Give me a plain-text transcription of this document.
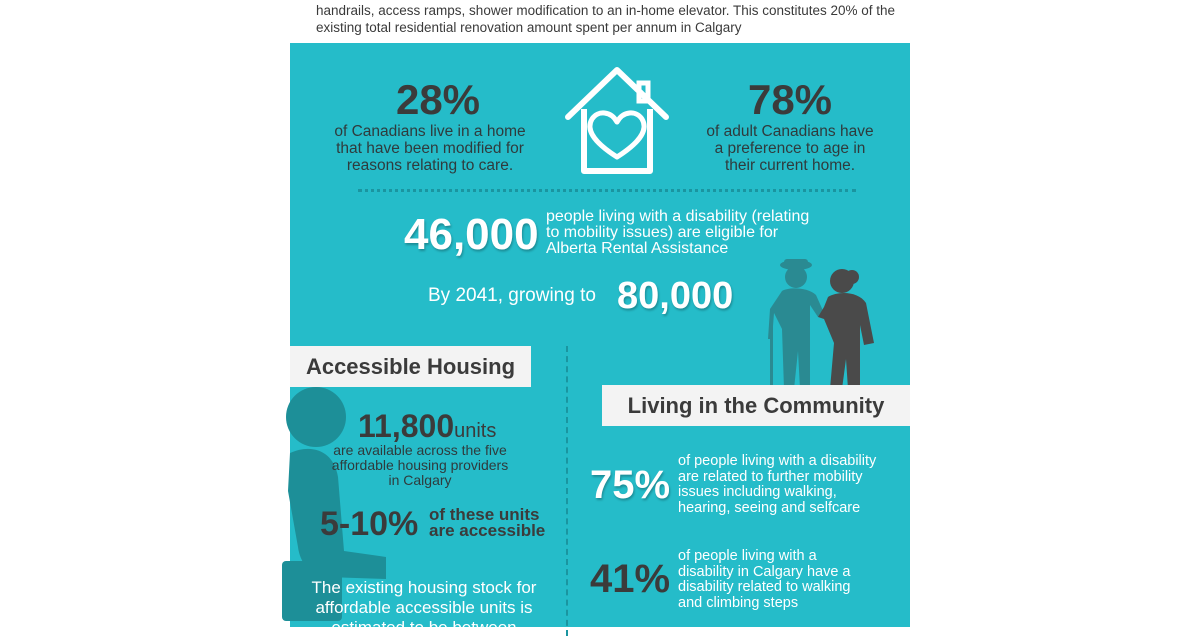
handrails, access ramps, shower modification to an in-home elevator. This constitutes 20% of the
existing total residential renovation amount spent per annum in Calgary
28%
of Canadians live in a home
that have been modified for
reasons relating to care.
78%
of adult Canadians have
a preference to age in
their current home.
46,000 people living with a disability (relating
to mobility issues) are eligible for
Alberta Rental Assistance
By 2041, growing to 80,000
Accessible Housing
11,800units
are available across the five
affordable housing providers
in Calgary
5-10% of these units
are accessible
The existing housing stock for
affordable accessible units is
estimated to be between
Living in the Community
75%
of people living with a disability
are related to further mobility
issues including walking,
hearing, seeing and selfcare
41%
of people living with a
disability in Calgary have a
disability related to walking
and climbing steps
